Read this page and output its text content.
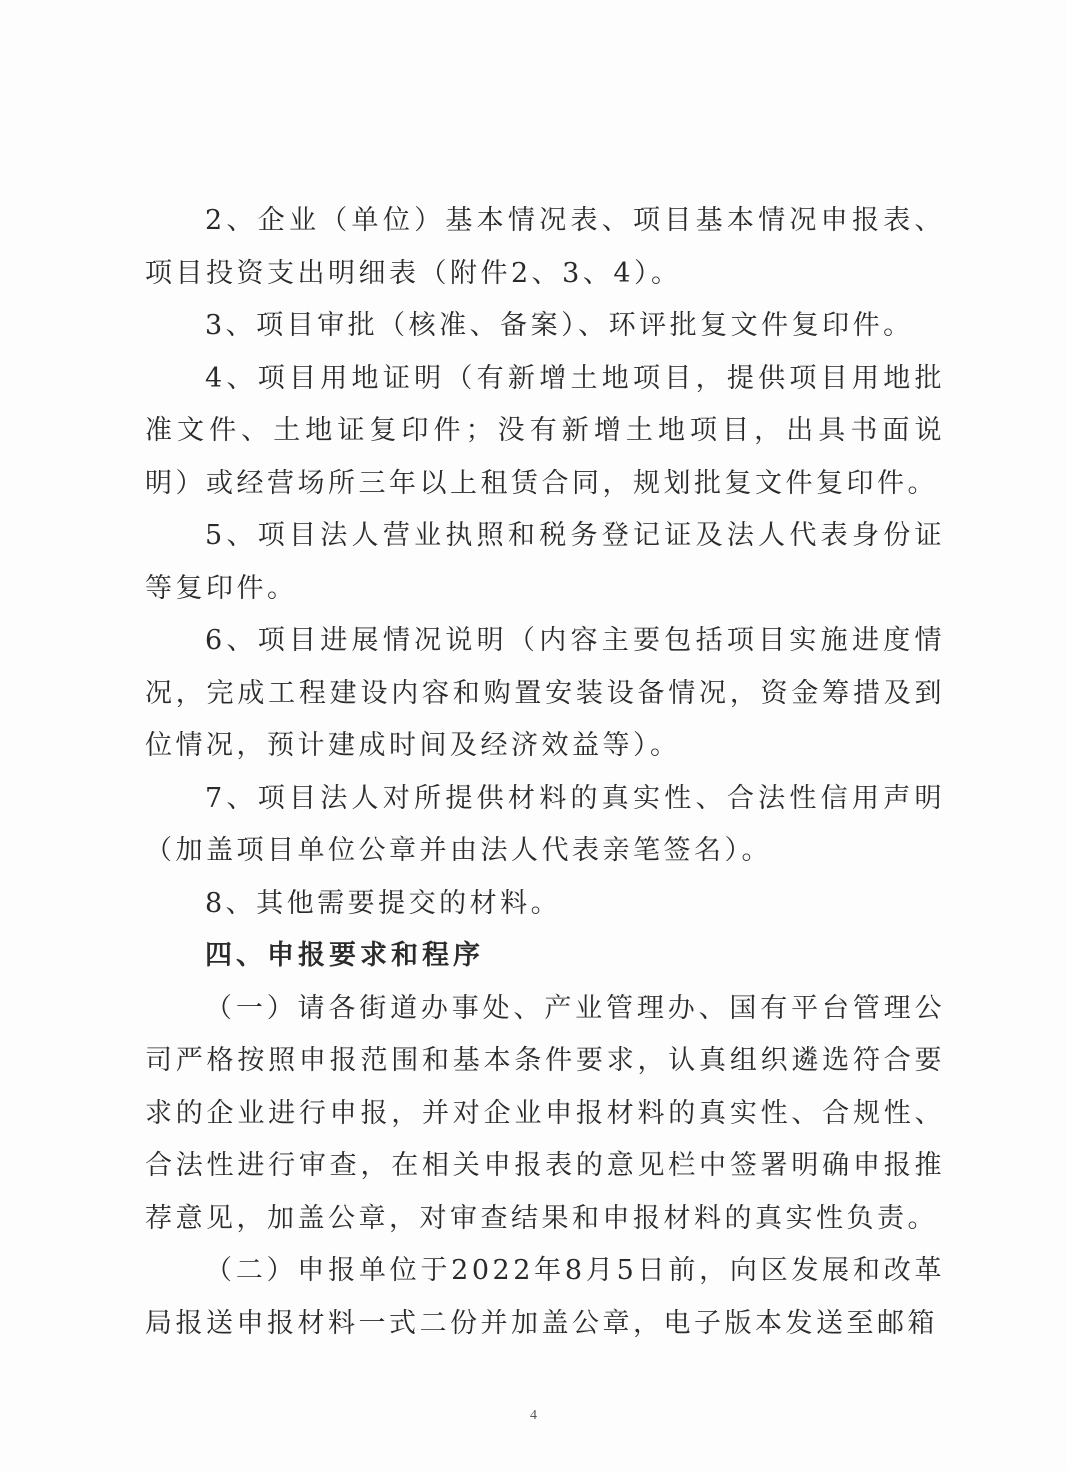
2、企业（单位）基本情况表、项目基本情况申报表、项目投资支出明细表（附件2、3、4）。

3、项目审批（核准、备案）、环评批复文件复印件。

4、项目用地证明（有新增土地项目，提供项目用地批准文件、土地证复印件；没有新增土地项目，出具书面说明）或经营场所三年以上租赁合同，规划批复文件复印件。

5、项目法人营业执照和税务登记证及法人代表身份证等复印件。

6、项目进展情况说明（内容主要包括项目实施进度情况，完成工程建设内容和购置安装设备情况，资金筹措及到位情况，预计建成时间及经济效益等）。

7、项目法人对所提供材料的真实性、合法性信用声明（加盖项目单位公章并由法人代表亲笔签名）。

8、其他需要提交的材料。

四、申报要求和程序

（一）请各街道办事处、产业管理办、国有平台管理公司严格按照申报范围和基本条件要求，认真组织遴选符合要求的企业进行申报，并对企业申报材料的真实性、合规性、合法性进行审查，在相关申报表的意见栏中签署明确申报推荐意见，加盖公章，对审查结果和申报材料的真实性负责。

（二）申报单位于2022年8月5日前，向区发展和改革局报送申报材料一式二份并加盖公章，电子版本发送至邮箱

4
